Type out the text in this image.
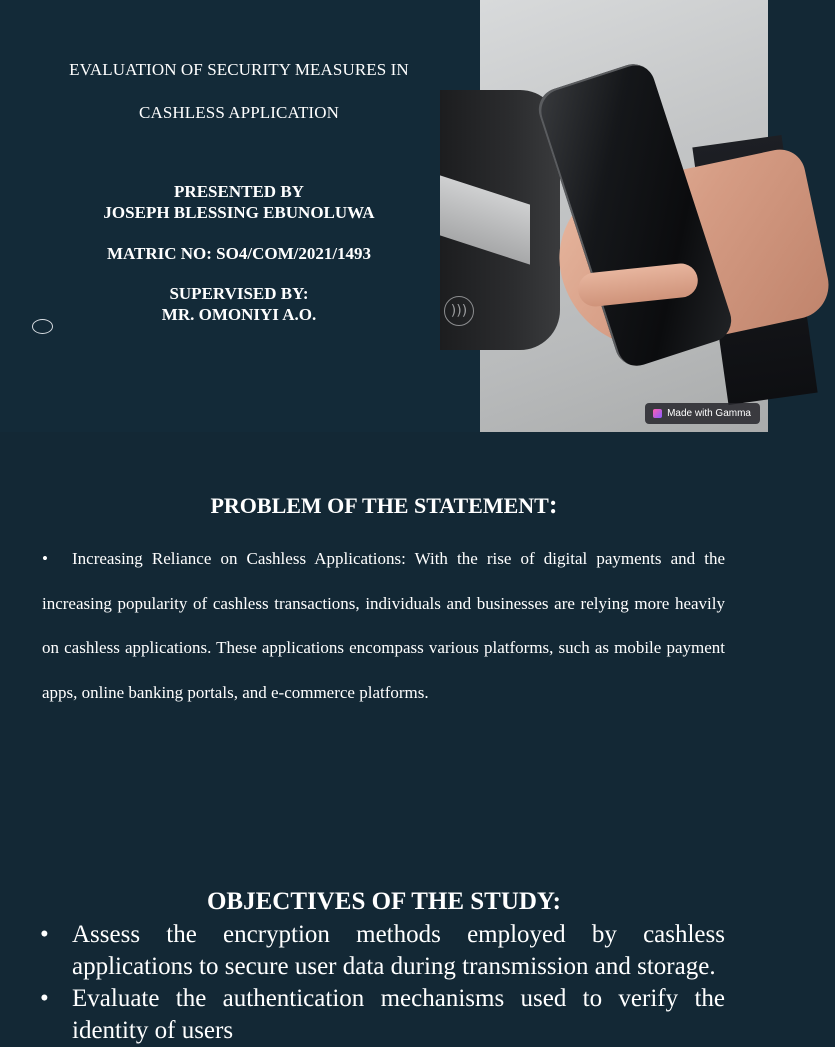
EVALUATION OF SECURITY MEASURES IN
CASHLESS APPLICATION
PRESENTED BY
JOSEPH BLESSING EBUNOLUWA
MATRIC NO: SO4/COM/2021/1493
SUPERVISED BY:
MR. OMONIYI A.O.	)))
Made with Gamma
PROBLEM OF THE STATEMENT:

• Increasing Reliance on Cashless Applications: With the rise of digital payments and the increasing popularity of cashless transactions, individuals and businesses are relying more heavily on cashless applications. These applications encompass various platforms, such as mobile payment apps, online banking portals, and e-commerce platforms.

OBJECTIVES OF THE STUDY:
• Assess the encryption methods employed by cashless applications to secure user data during transmission and storage.
• Evaluate the authentication mechanisms used to verify the identity of users
